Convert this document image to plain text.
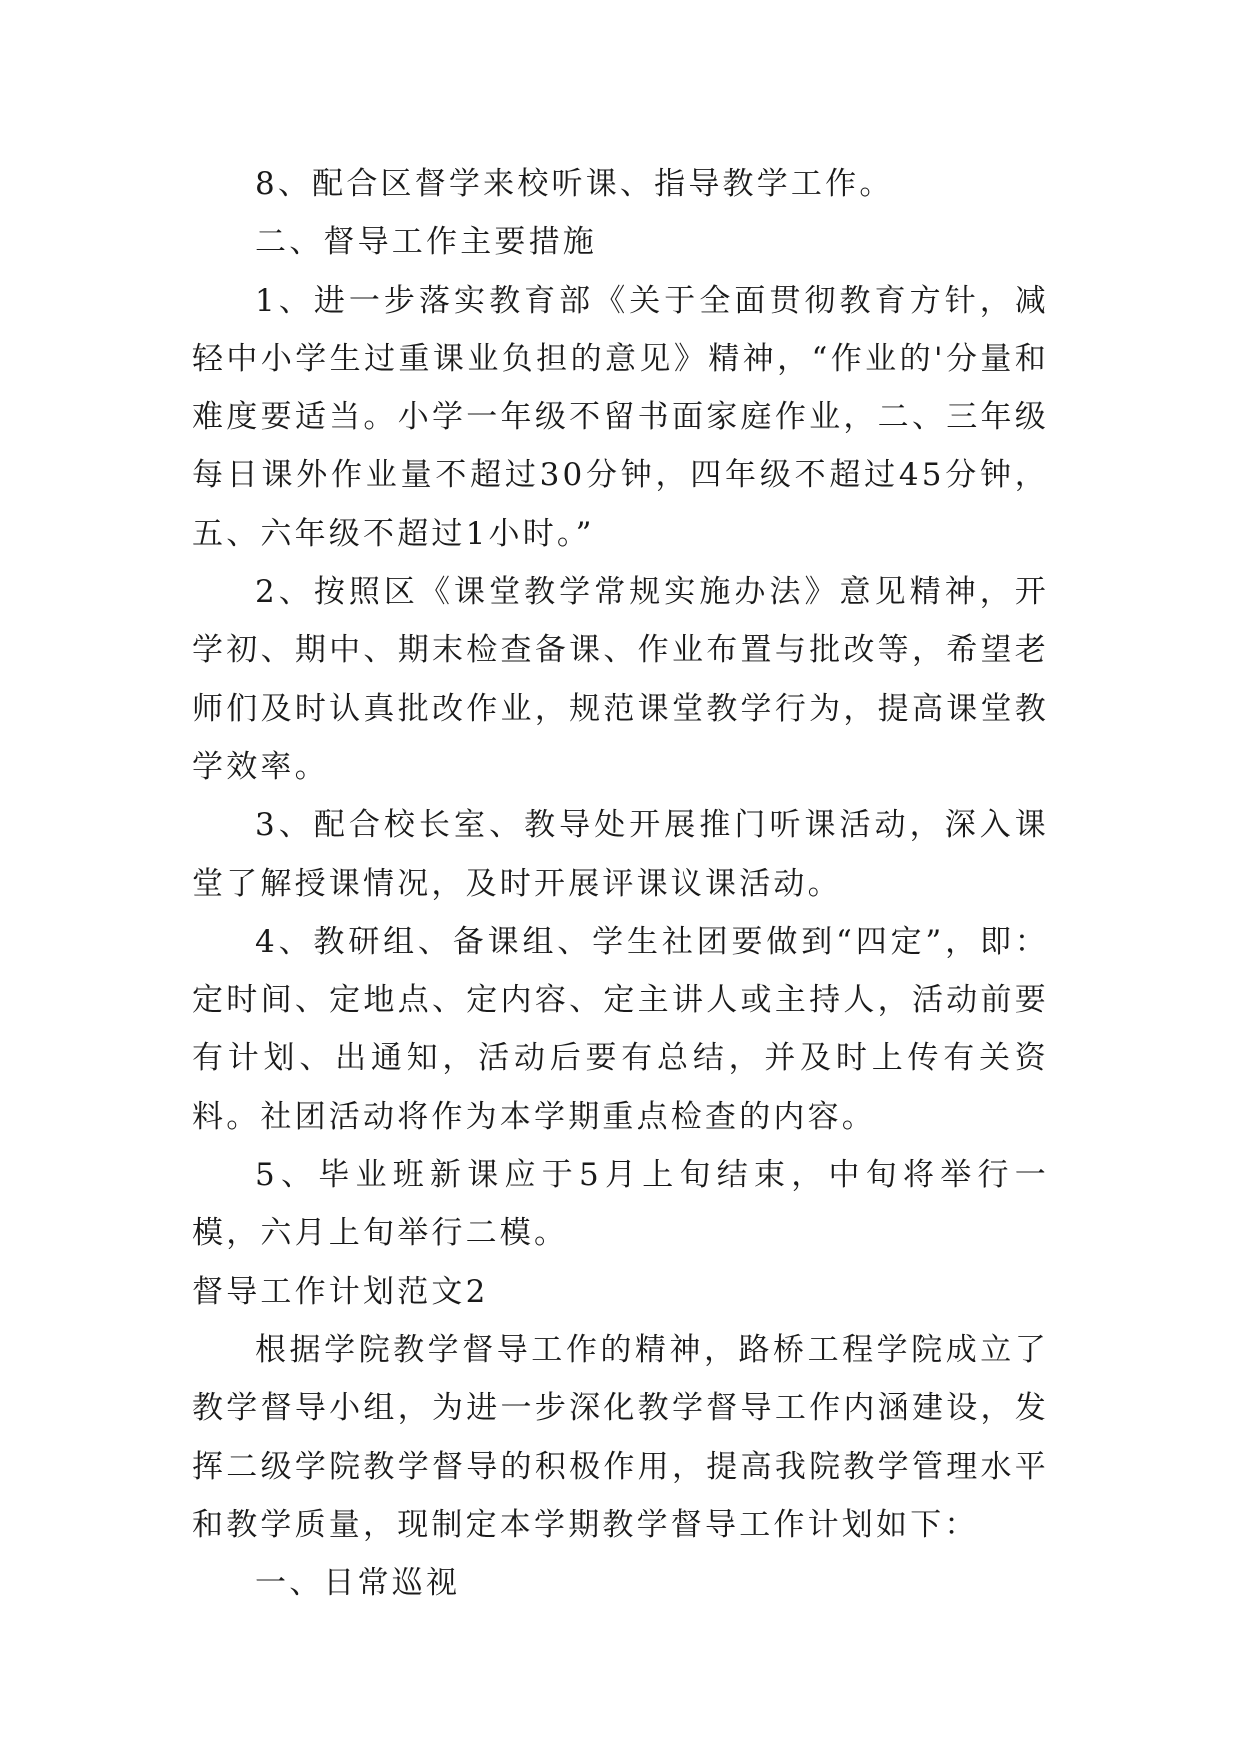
8、配合区督学来校听课、指导教学工作。

二、督导工作主要措施

1、进一步落实教育部《关于全面贯彻教育方针，减轻中小学生过重课业负担的意见》精神，“作业的'分量和难度要适当。小学一年级不留书面家庭作业，二、三年级每日课外作业量不超过30分钟，四年级不超过45分钟，五、六年级不超过1小时。”

2、按照区《课堂教学常规实施办法》意见精神，开学初、期中、期末检查备课、作业布置与批改等，希望老师们及时认真批改作业，规范课堂教学行为，提高课堂教学效率。

3、配合校长室、教导处开展推门听课活动，深入课堂了解授课情况，及时开展评课议课活动。

4、教研组、备课组、学生社团要做到“四定”，即：定时间、定地点、定内容、定主讲人或主持人，活动前要有计划、出通知，活动后要有总结，并及时上传有关资料。社团活动将作为本学期重点检查的内容。

5、毕业班新课应于5月上旬结束，中旬将举行一模，六月上旬举行二模。

督导工作计划范文2

根据学院教学督导工作的精神，路桥工程学院成立了教学督导小组，为进一步深化教学督导工作内涵建设，发挥二级学院教学督导的积极作用，提高我院教学管理水平和教学质量，现制定本学期教学督导工作计划如下：

一、日常巡视
